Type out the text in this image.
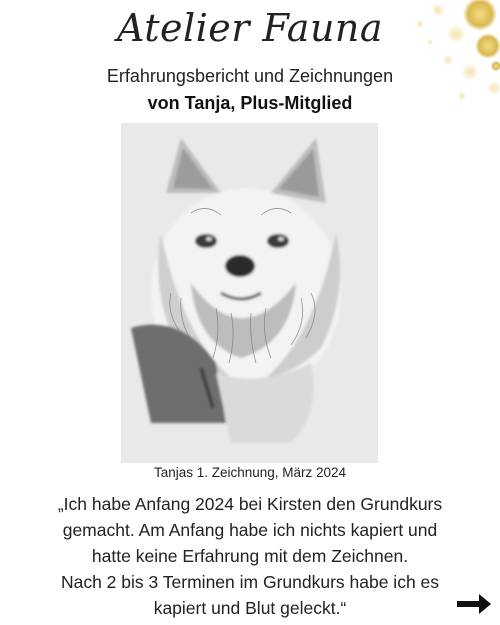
Atelier Fauna
Erfahrungsbericht und Zeichnungen
von Tanja, Plus-Mitglied
Tanjas 1. Zeichnung, März 2024
„Ich habe Anfang 2024 bei Kirsten den Grundkurs
gemacht. Am Anfang habe ich nichts kapiert und
hatte keine Erfahrung mit dem Zeichnen.
Nach 2 bis 3 Terminen im Grundkurs habe ich es
kapiert und Blut geleckt.“
